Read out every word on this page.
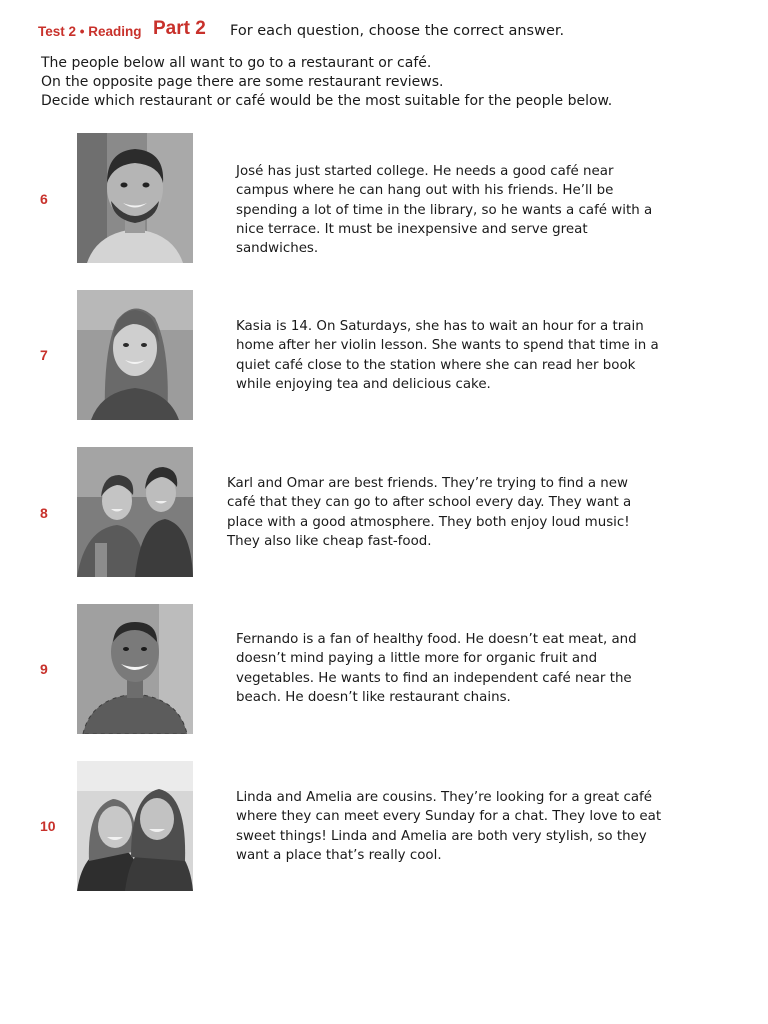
Test 2 • Reading Part 2 For each question, choose the correct answer.
The people below all want to go to a restaurant or café.
On the opposite page there are some restaurant reviews.
Decide which restaurant or café would be the most suitable for the people below.
6
José has just started college. He needs a good café near campus where he can hang out with his friends. He’ll be spending a lot of time in the library, so he wants a café with a nice terrace. It must be inexpensive and serve great sandwiches.
7
Kasia is 14. On Saturdays, she has to wait an hour for a train home after her violin lesson. She wants to spend that time in a quiet café close to the station where she can read her book while enjoying tea and delicious cake.
8
Karl and Omar are best friends. They’re trying to find a new café that they can go to after school every day. They want a place with a good atmosphere. They both enjoy loud music! They also like cheap fast-food.
9
Fernando is a fan of healthy food. He doesn’t eat meat, and doesn’t mind paying a little more for organic fruit and vegetables. He wants to find an independent café near the beach. He doesn’t like restaurant chains.
10
Linda and Amelia are cousins. They’re looking for a great café where they can meet every Sunday for a chat. They love to eat sweet things! Linda and Amelia are both very stylish, so they want a place that’s really cool.
